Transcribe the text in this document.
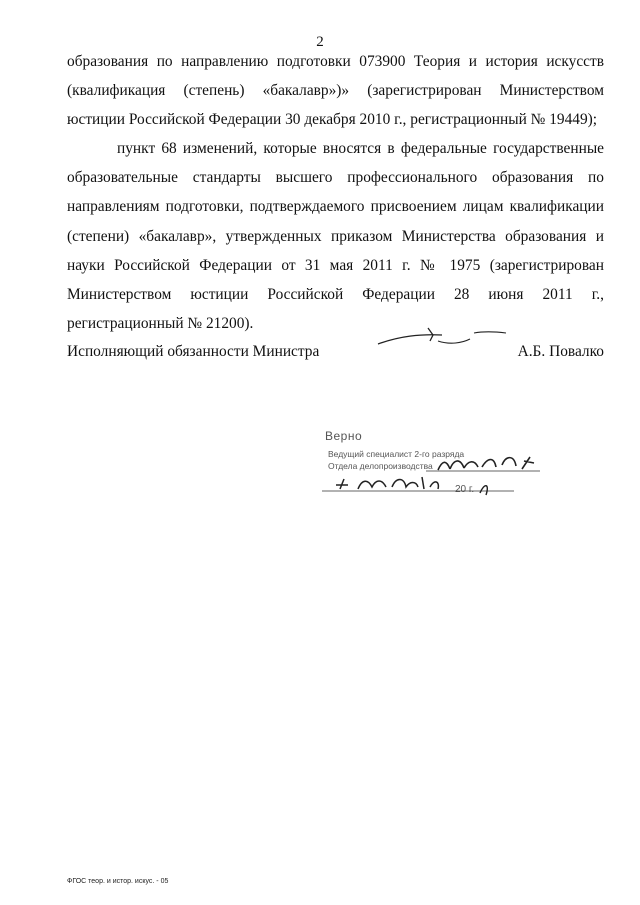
2

образования по направлению подготовки 073900 Теория и история искусств (квалификация (степень) «бакалавр»)» (зарегистрирован Министерством юстиции Российской Федерации 30 декабря 2010 г., регистрационный № 19449);

пункт 68 изменений, которые вносятся в федеральные государственные образовательные стандарты высшего профессионального образования по направлениям подготовки, подтверждаемого присвоением лицам квалификации (степени) «бакалавр», утвержденных приказом Министерства образования и науки Российской Федерации от 31 мая 2011 г. № 1975 (зарегистрирован Министерством юстиции Российской Федерации 28 июня 2011 г., регистрационный № 21200).

Исполняющий обязанности Министра	А.Б. Повалко
Верно
Ведущий специалист 2-го разряда
Отдела делопроизводства
20 г.
ФГОС теор. и истор. искус. - 05
